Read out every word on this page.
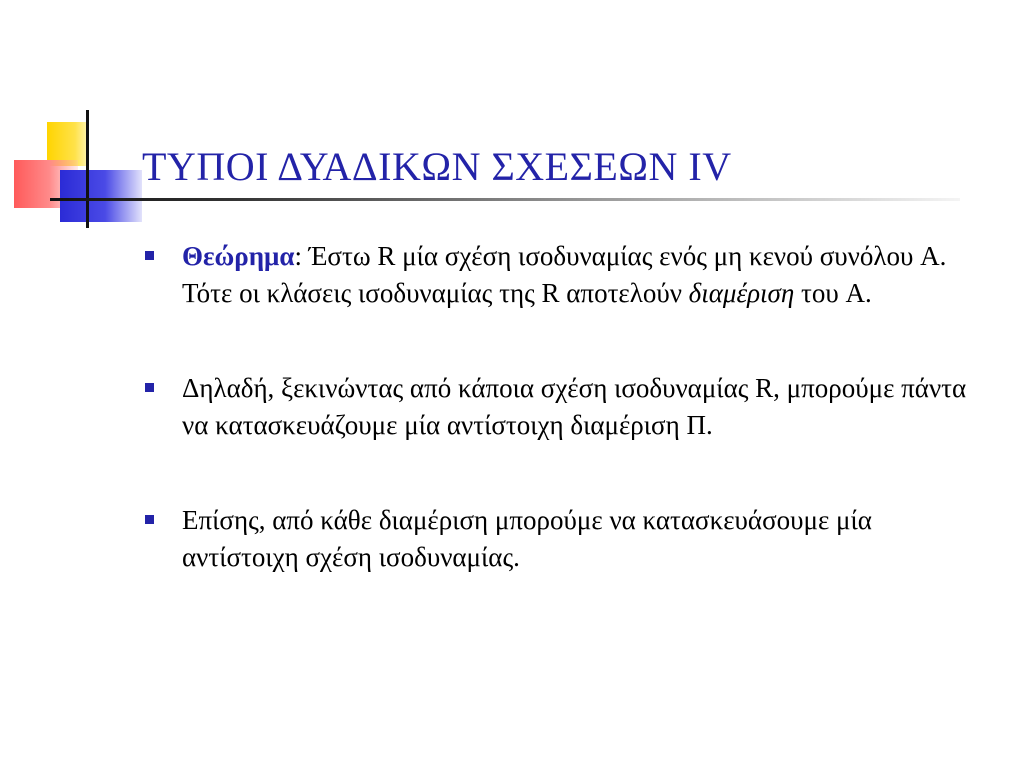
ΤΥΠΟΙ ΔΥΑΔΙΚΩΝ ΣΧΕΣΕΩΝ IV
Θεώρημα: Έστω R μία σχέση ισοδυναμίας ενός μη κενού συνόλου A. Τότε οι κλάσεις ισοδυναμίας της R αποτελούν διαμέριση του A.
Δηλαδή, ξεκινώντας από κάποια σχέση ισοδυναμίας R, μπορούμε πάντα να κατασκευάζουμε μία αντίστοιχη διαμέριση Π.
Επίσης, από κάθε διαμέριση μπορούμε να κατασκευάσουμε μία αντίστοιχη σχέση ισοδυναμίας.
